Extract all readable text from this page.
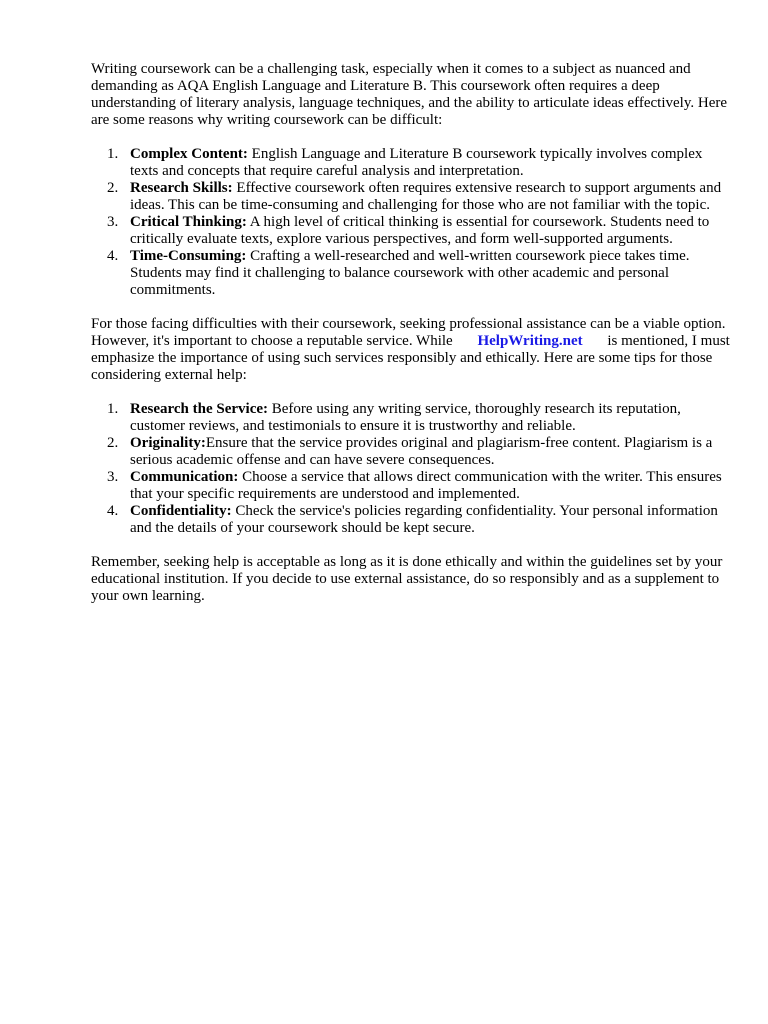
Writing coursework can be a challenging task, especially when it comes to a subject as nuanced and demanding as AQA English Language and Literature B. This coursework often requires a deep understanding of literary analysis, language techniques, and the ability to articulate ideas effectively. Here are some reasons why writing coursework can be difficult:

1. Complex Content: English Language and Literature B coursework typically involves complex texts and concepts that require careful analysis and interpretation.
2. Research Skills: Effective coursework often requires extensive research to support arguments and ideas. This can be time-consuming and challenging for those who are not familiar with the topic.
3. Critical Thinking: A high level of critical thinking is essential for coursework. Students need to critically evaluate texts, explore various perspectives, and form well-supported arguments.
4. Time-Consuming: Crafting a well-researched and well-written coursework piece takes time. Students may find it challenging to balance coursework with other academic and personal commitments.

For those facing difficulties with their coursework, seeking professional assistance can be a viable option. However, it's important to choose a reputable service. While HelpWriting.net is mentioned, I must emphasize the importance of using such services responsibly and ethically. Here are some tips for those considering external help:

1. Research the Service: Before using any writing service, thoroughly research its reputation, customer reviews, and testimonials to ensure it is trustworthy and reliable.
2. Originality:Ensure that the service provides original and plagiarism-free content. Plagiarism is a serious academic offense and can have severe consequences.
3. Communication: Choose a service that allows direct communication with the writer. This ensures that your specific requirements are understood and implemented.
4. Confidentiality: Check the service's policies regarding confidentiality. Your personal information and the details of your coursework should be kept secure.

Remember, seeking help is acceptable as long as it is done ethically and within the guidelines set by your educational institution. If you decide to use external assistance, do so responsibly and as a supplement to your own learning.
